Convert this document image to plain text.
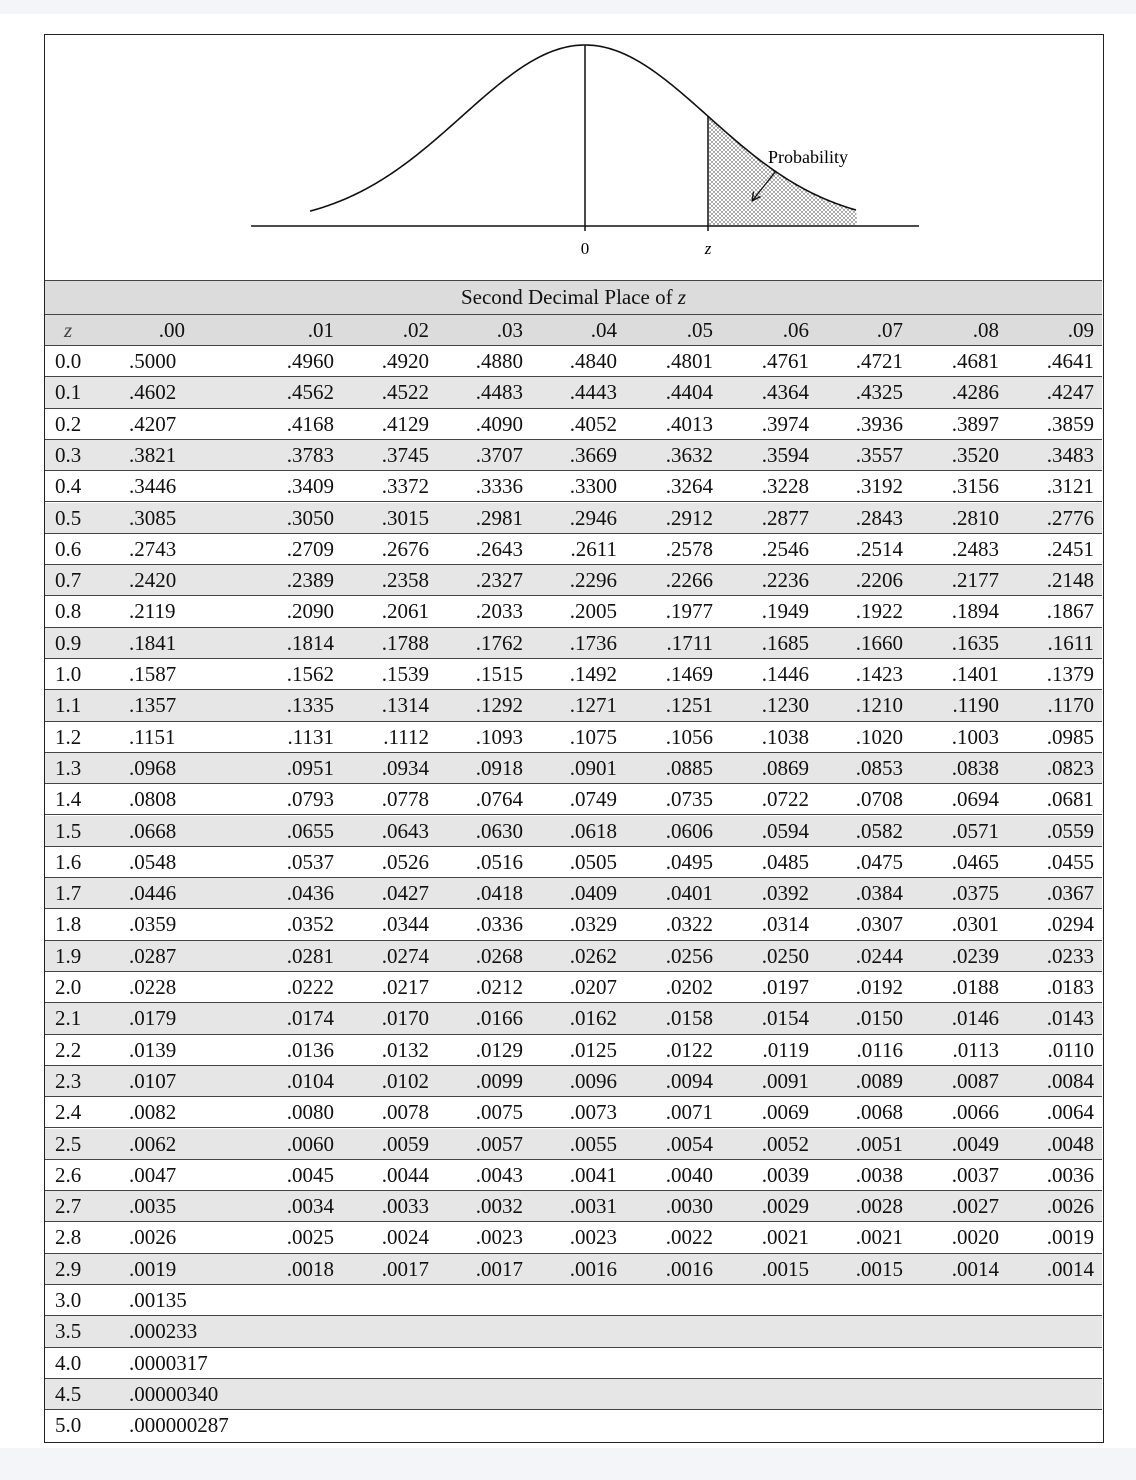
Probability
0	z
Second Decimal Place of z
z	.00	.01	.02	.03	.04	.05	.06	.07	.08	.09
0.0 .5000	.4960	.4920	.4880	.4840	.4801	.4761	.4721	.4681	.4641
0.1 .4602	.4562	.4522	.4483	.4443	.4404	.4364	.4325	.4286	.4247
0.2 .4207	.4168	.4129	.4090	.4052	.4013	.3974	.3936	.3897	.3859
0.3 .3821	.3783	.3745	.3707	.3669	.3632	.3594	.3557	.3520	.3483
0.4 .3446	.3409	.3372	.3336	.3300	.3264	.3228	.3192	.3156	.3121
0.5 .3085	.3050	.3015	.2981	.2946	.2912	.2877	.2843	.2810	.2776
0.6 .2743	.2709	.2676	.2643	.2611	.2578	.2546	.2514	.2483	.2451
0.7 .2420	.2389	.2358	.2327	.2296	.2266	.2236	.2206	.2177	.2148
0.8 .2119	.2090	.2061	.2033	.2005	.1977	.1949	.1922	.1894	.1867
0.9 .1841	.1814	.1788	.1762	.1736	.1711	.1685	.1660	.1635	.1611
1.0 .1587	.1562	.1539	.1515	.1492	.1469	.1446	.1423	.1401	.1379
1.1 .1357	.1335	.1314	.1292	.1271	.1251	.1230	.1210	.1190	.1170
1.2 .1151	.1131	.1112	.1093	.1075	.1056	.1038	.1020	.1003	.0985
1.3 .0968	.0951	.0934	.0918	.0901	.0885	.0869	.0853	.0838	.0823
1.4 .0808	.0793	.0778	.0764	.0749	.0735	.0722	.0708	.0694	.0681
1.5 .0668	.0655	.0643	.0630	.0618	.0606	.0594	.0582	.0571	.0559
1.6 .0548	.0537	.0526	.0516	.0505	.0495	.0485	.0475	.0465	.0455
1.7 .0446	.0436	.0427	.0418	.0409	.0401	.0392	.0384	.0375	.0367
1.8 .0359	.0352	.0344	.0336	.0329	.0322	.0314	.0307	.0301	.0294
1.9 .0287	.0281	.0274	.0268	.0262	.0256	.0250	.0244	.0239	.0233
2.0 .0228	.0222	.0217	.0212	.0207	.0202	.0197	.0192	.0188	.0183
2.1 .0179	.0174	.0170	.0166	.0162	.0158	.0154	.0150	.0146	.0143
2.2 .0139	.0136	.0132	.0129	.0125	.0122	.0119	.0116	.0113	.0110
2.3 .0107	.0104	.0102	.0099	.0096	.0094	.0091	.0089	.0087	.0084
2.4 .0082	.0080	.0078	.0075	.0073	.0071	.0069	.0068	.0066	.0064
2.5 .0062	.0060	.0059	.0057	.0055	.0054	.0052	.0051	.0049	.0048
2.6 .0047	.0045	.0044	.0043	.0041	.0040	.0039	.0038	.0037	.0036
2.7 .0035	.0034	.0033	.0032	.0031	.0030	.0029	.0028	.0027	.0026
2.8 .0026	.0025	.0024	.0023	.0023	.0022	.0021	.0021	.0020	.0019
2.9 .0019	.0018	.0017	.0017	.0016	.0016	.0015	.0015	.0014	.0014
3.0 .00135
3.5 .000233
4.0 .0000317
4.5 .00000340
5.0 .000000287
